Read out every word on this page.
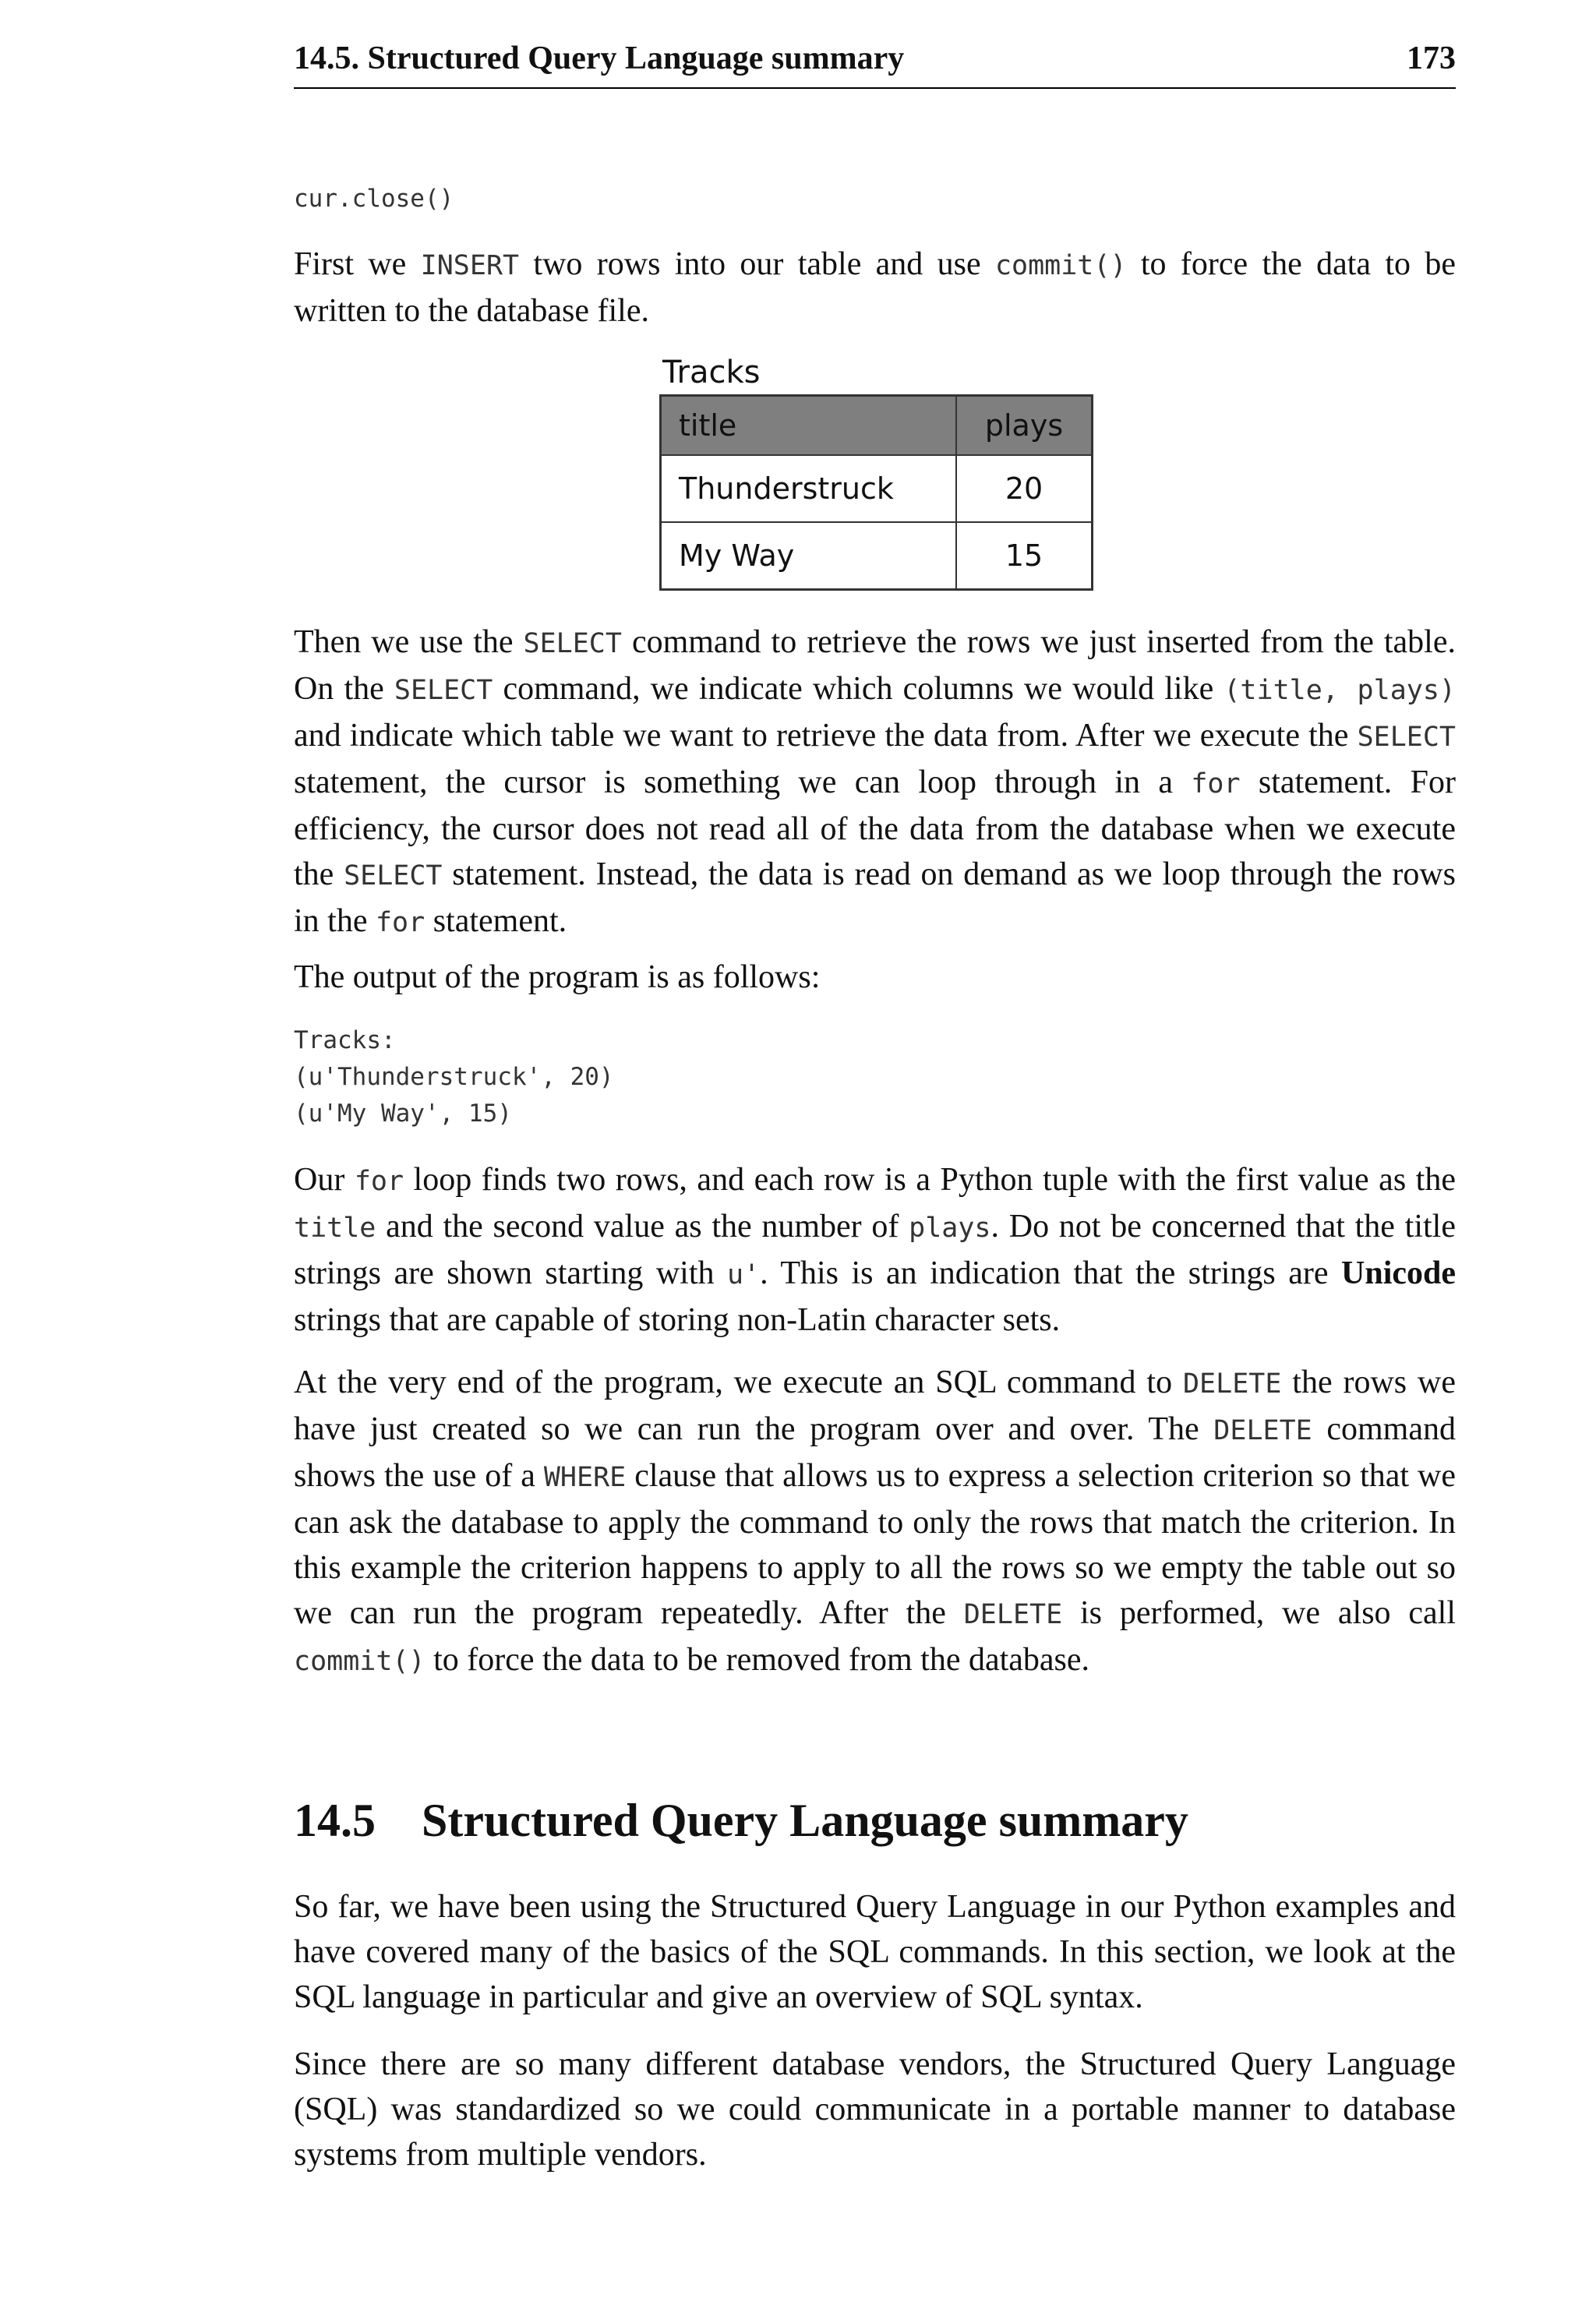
14.5. Structured Query Language summary	173
cur.close()

First we INSERT two rows into our table and use commit() to force the data to be written to the database file.

Tracks
title	plays
Thunderstruck	20
My Way	15

Then we use the SELECT command to retrieve the rows we just inserted from the table. On the SELECT command, we indicate which columns we would like (title, plays) and indicate which table we want to retrieve the data from. After we execute the SELECT statement, the cursor is something we can loop through in a for statement. For efficiency, the cursor does not read all of the data from the database when we execute the SELECT statement. Instead, the data is read on demand as we loop through the rows in the for statement.

The output of the program is as follows:

Tracks:
(u'Thunderstruck', 20)
(u'My Way', 15)

Our for loop finds two rows, and each row is a Python tuple with the first value as the title and the second value as the number of plays. Do not be concerned that the title strings are shown starting with u'. This is an indication that the strings are Unicode strings that are capable of storing non-Latin character sets.

At the very end of the program, we execute an SQL command to DELETE the rows we have just created so we can run the program over and over. The DELETE command shows the use of a WHERE clause that allows us to express a selection criterion so that we can ask the database to apply the command to only the rows that match the criterion. In this example the criterion happens to apply to all the rows so we empty the table out so we can run the program repeatedly. After the DELETE is performed, we also call commit() to force the data to be removed from the database.

14.5 Structured Query Language summary

So far, we have been using the Structured Query Language in our Python examples and have covered many of the basics of the SQL commands. In this section, we look at the SQL language in particular and give an overview of SQL syntax.

Since there are so many different database vendors, the Structured Query Language (SQL) was standardized so we could communicate in a portable manner to database systems from multiple vendors.
